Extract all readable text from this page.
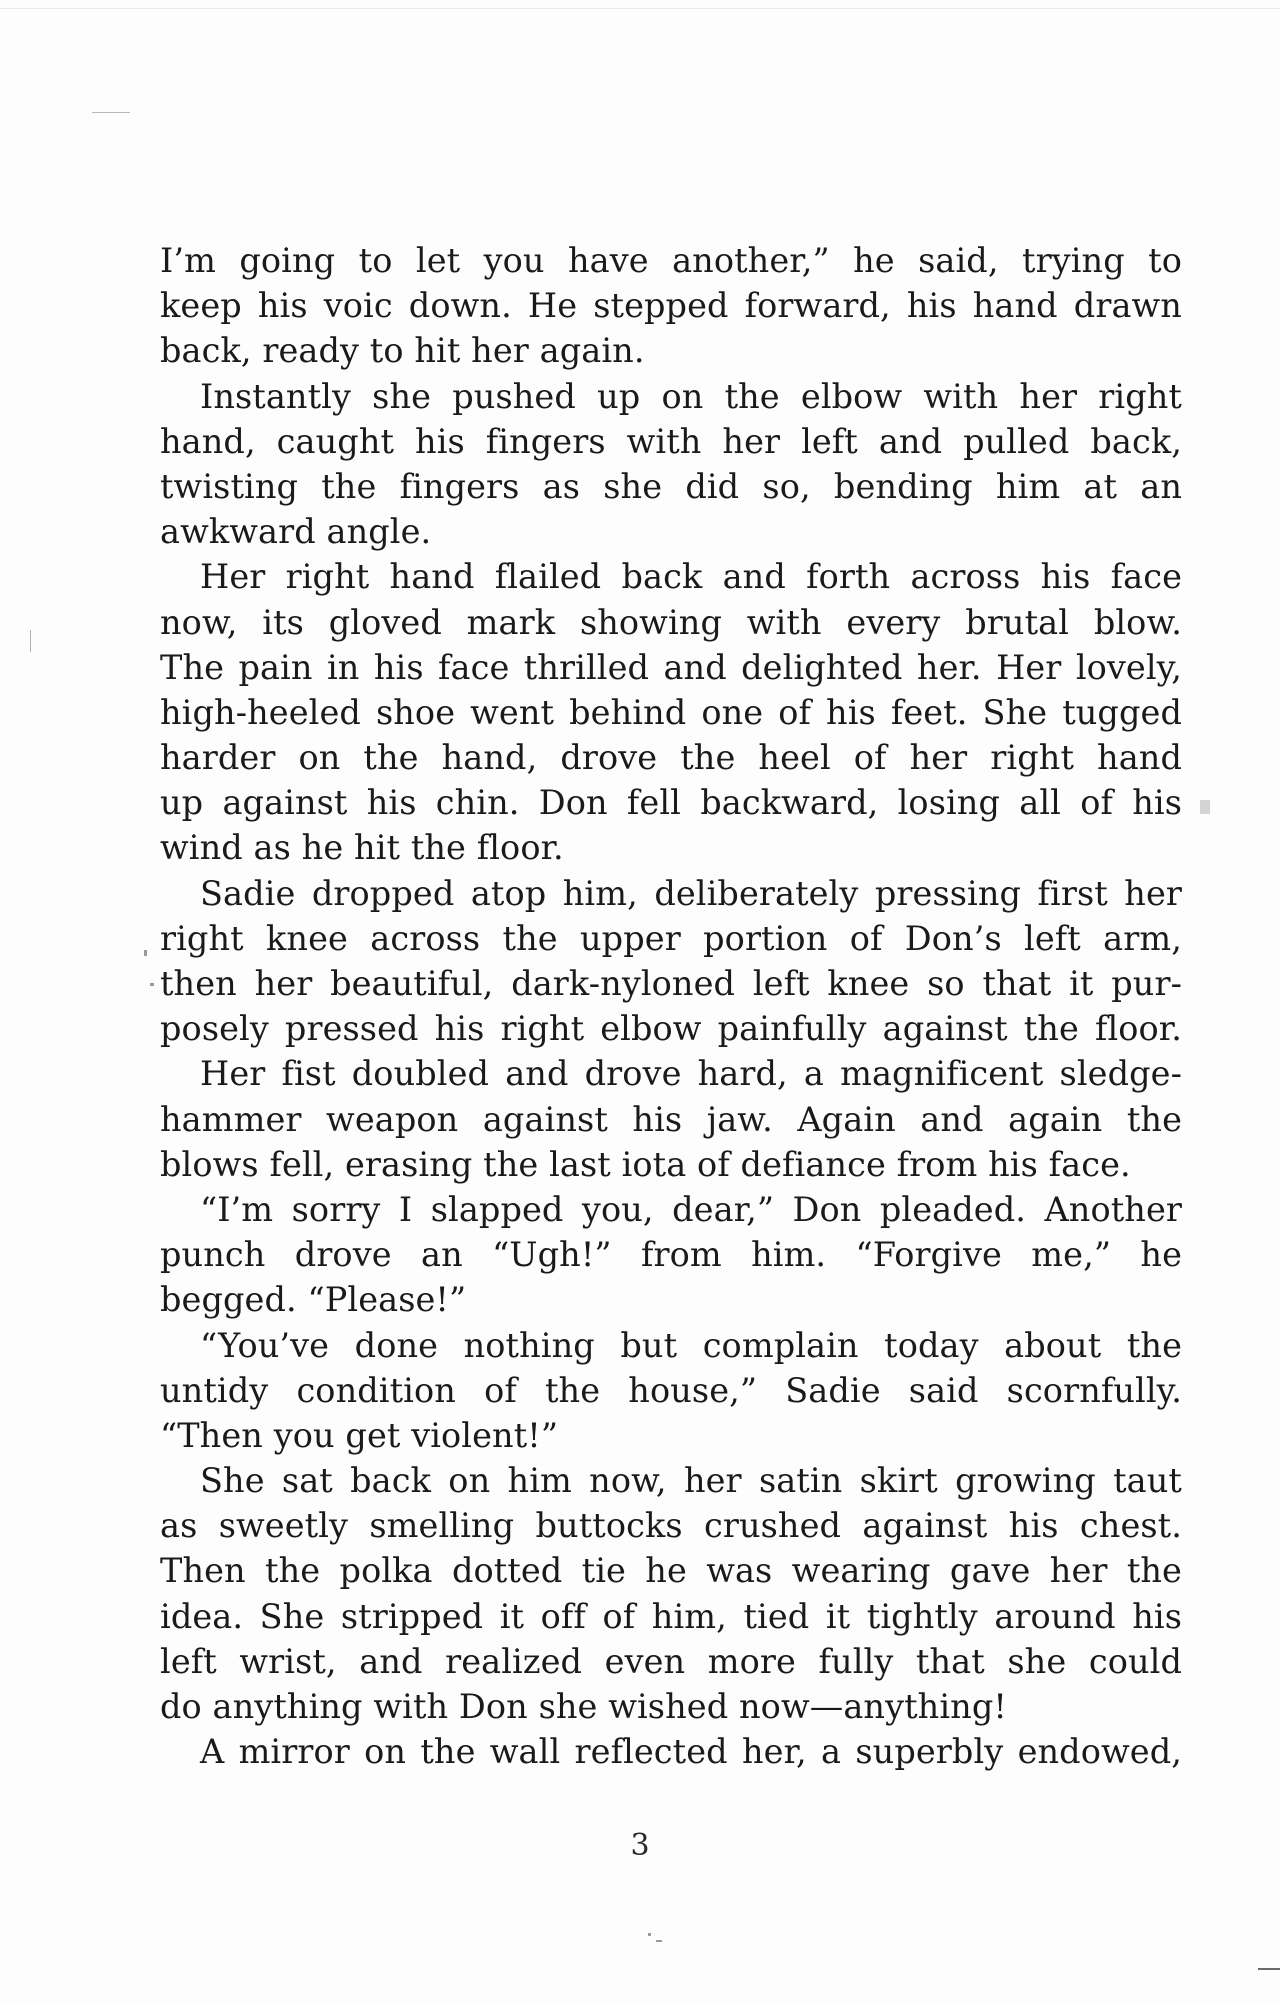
I’m going to let you have another,” he said, trying to
keep his voic down. He stepped forward, his hand drawn
back, ready to hit her again.
Instantly she pushed up on the elbow with her right
hand, caught his fingers with her left and pulled back,
twisting the fingers as she did so, bending him at an
awkward angle.
Her right hand flailed back and forth across his face
now, its gloved mark showing with every brutal blow.
The pain in his face thrilled and delighted her. Her lovely,
high-heeled shoe went behind one of his feet. She tugged
harder on the hand, drove the heel of her right hand
up against his chin. Don fell backward, losing all of his
wind as he hit the floor.
Sadie dropped atop him, deliberately pressing first her
right knee across the upper portion of Don’s left arm,
then her beautiful, dark-nyloned left knee so that it pur-
posely pressed his right elbow painfully against the floor.
Her fist doubled and drove hard, a magnificent sledge-
hammer weapon against his jaw. Again and again the
blows fell, erasing the last iota of defiance from his face.
“I’m sorry I slapped you, dear,” Don pleaded. Another
punch drove an “Ugh!” from him. “Forgive me,” he
begged. “Please!”
“You’ve done nothing but complain today about the
untidy condition of the house,” Sadie said scornfully.
“Then you get violent!”
She sat back on him now, her satin skirt growing taut
as sweetly smelling buttocks crushed against his chest.
Then the polka dotted tie he was wearing gave her the
idea. She stripped it off of him, tied it tightly around his
left wrist, and realized even more fully that she could
do anything with Don she wished now—anything!
A mirror on the wall reflected her, a superbly endowed,
3
